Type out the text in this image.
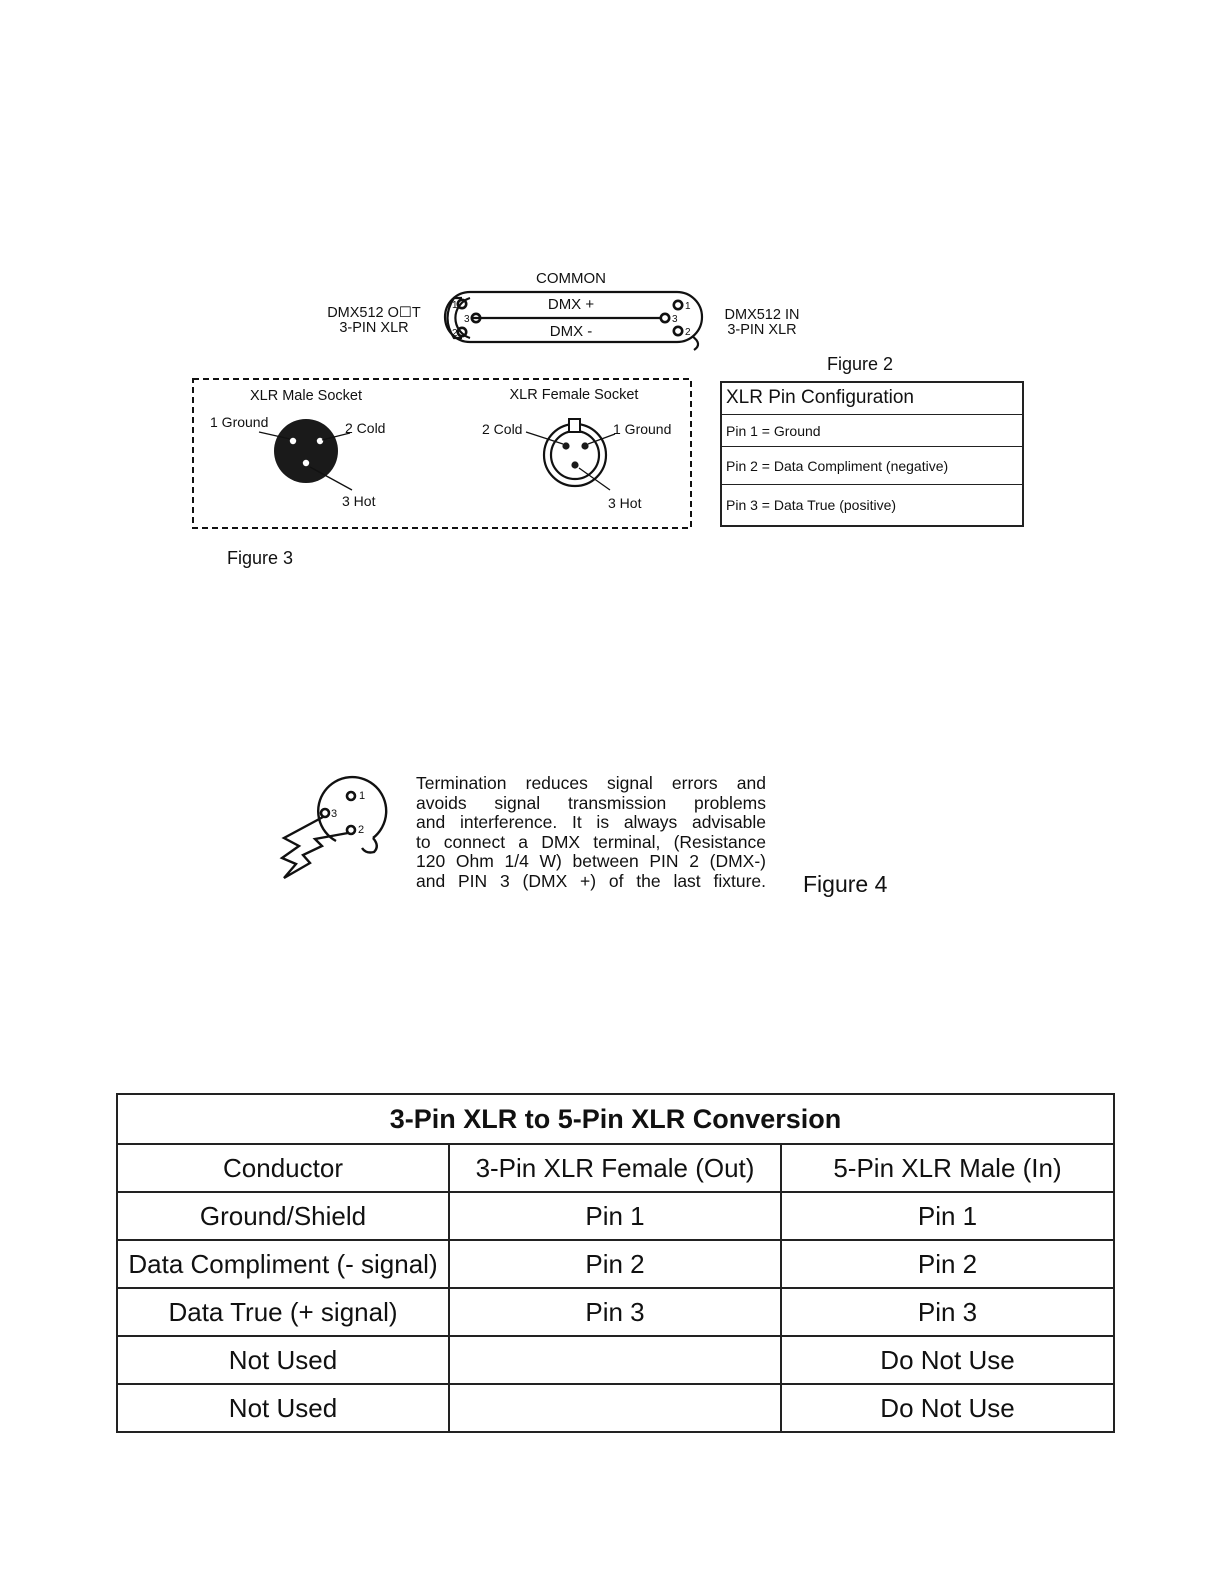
1
3
2
1
3
2
COMMON
DMX +
DMX -
DMX512 O☐T
3-PIN XLR
DMX512 IN
3-PIN XLR
Figure 2
XLR Male Socket	XLR Female Socket
1 Ground	2 Cold
3 Hot
2 Cold	1 Ground
3 Hot
Figure 3
XLR Pin Configuration
Pin 1 = Ground
Pin 2 = Data Compliment (negative)
Pin 3 = Data True (positive)
1
3
2
Termination reduces signal errors and
avoids signal transmission problems
and interference. It is always advisable
to connect a DMX terminal, (Resistance
120 Ohm 1/4 W) between PIN 2 (DMX-)
and PIN 3 (DMX +) of the last fixture. Figure 4
3-Pin XLR to 5-Pin XLR Conversion		
Conductor	3-Pin XLR Female (Out)	5-Pin XLR Male (In)
Ground/Shield	Pin 1	Pin 1
Data Compliment (- signal)	Pin 2	Pin 2
Data True (+ signal)	Pin 3	Pin 3
Not Used		Do Not Use
Not Used		Do Not Use
